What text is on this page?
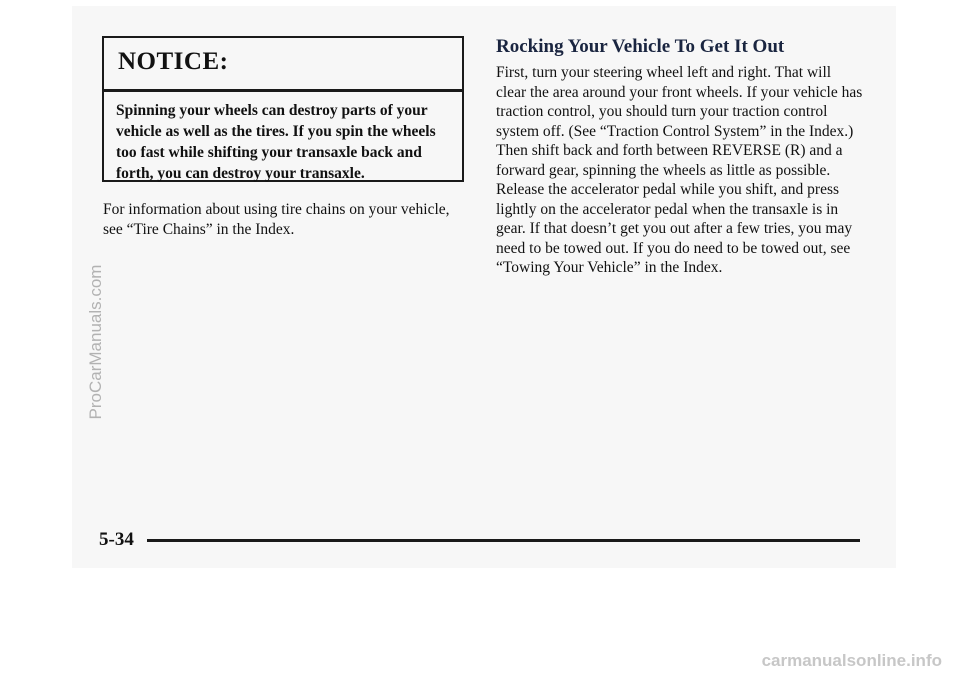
NOTICE:

Spinning your wheels can destroy parts of your vehicle as well as the tires. If you spin the wheels too fast while shifting your transaxle back and forth, you can destroy your transaxle.

For information about using tire chains on your vehicle, see “Tire Chains” in the Index.

Rocking Your Vehicle To Get It Out

First, turn your steering wheel left and right. That will clear the area around your front wheels. If your vehicle has traction control, you should turn your traction control system off. (See “Traction Control System” in the Index.) Then shift back and forth between REVERSE (R) and a forward gear, spinning the wheels as little as possible. Release the accelerator pedal while you shift, and press lightly on the accelerator pedal when the transaxle is in gear. If that doesn’t get you out after a few tries, you may need to be towed out. If you do need to be towed out, see “Towing Your Vehicle” in the Index.

5-34
ProCarManuals.com
carmanualsonline.info
